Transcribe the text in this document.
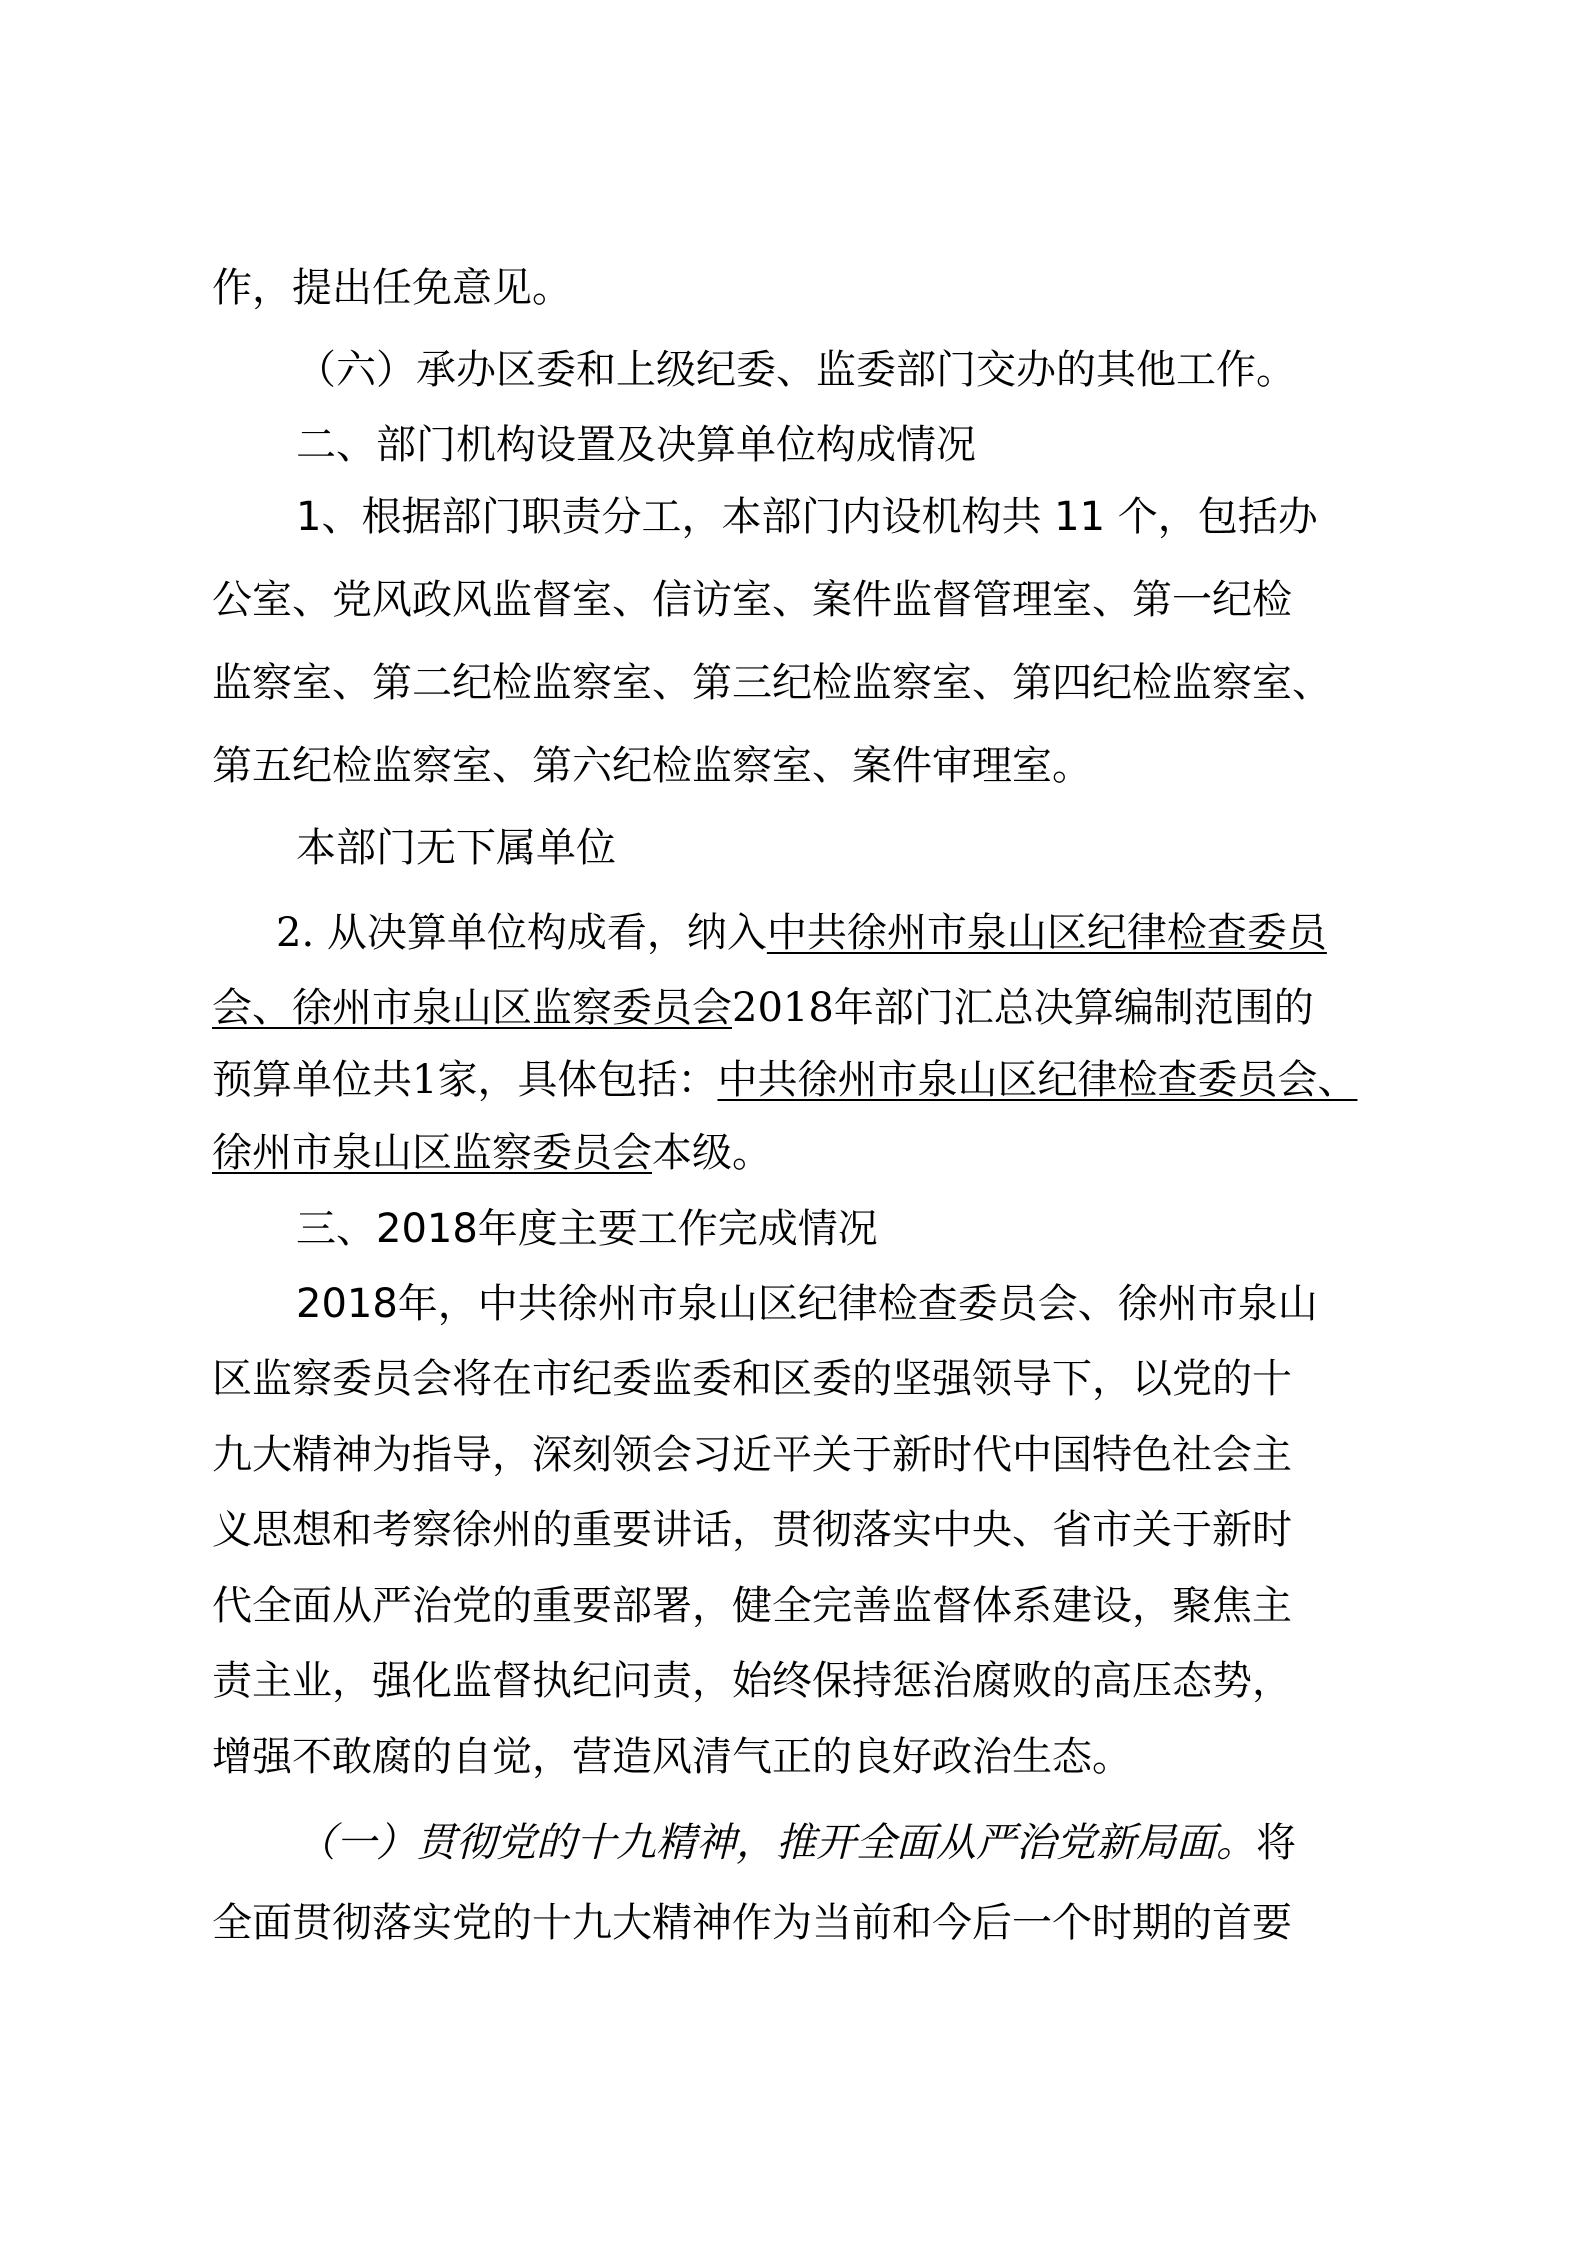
作，提出任免意见。
（六）承办区委和上级纪委、监委部门交办的其他工作。
二、部门机构设置及决算单位构成情况
1、根据部门职责分工，本部门内设机构共 11 个，包括办
公室、党风政风监督室、信访室、案件监督管理室、第一纪检
监察室、第二纪检监察室、第三纪检监察室、第四纪检监察室、
第五纪检监察室、第六纪检监察室、案件审理室。
本部门无下属单位
2. 从决算单位构成看，纳入中共徐州市泉山区纪律检查委员
会、徐州市泉山区监察委员会2018年部门汇总决算编制范围的
预算单位共1家，具体包括：中共徐州市泉山区纪律检查委员会、
徐州市泉山区监察委员会本级。
三、2018年度主要工作完成情况
2018年，中共徐州市泉山区纪律检查委员会、徐州市泉山
区监察委员会将在市纪委监委和区委的坚强领导下，以党的十
九大精神为指导，深刻领会习近平关于新时代中国特色社会主
义思想和考察徐州的重要讲话，贯彻落实中央、省市关于新时
代全面从严治党的重要部署，健全完善监督体系建设，聚焦主
责主业，强化监督执纪问责，始终保持惩治腐败的高压态势，
增强不敢腐的自觉，营造风清气正的良好政治生态。
（一）贯彻党的十九精神，推开全面从严治党新局面。将
全面贯彻落实党的十九大精神作为当前和今后一个时期的首要
